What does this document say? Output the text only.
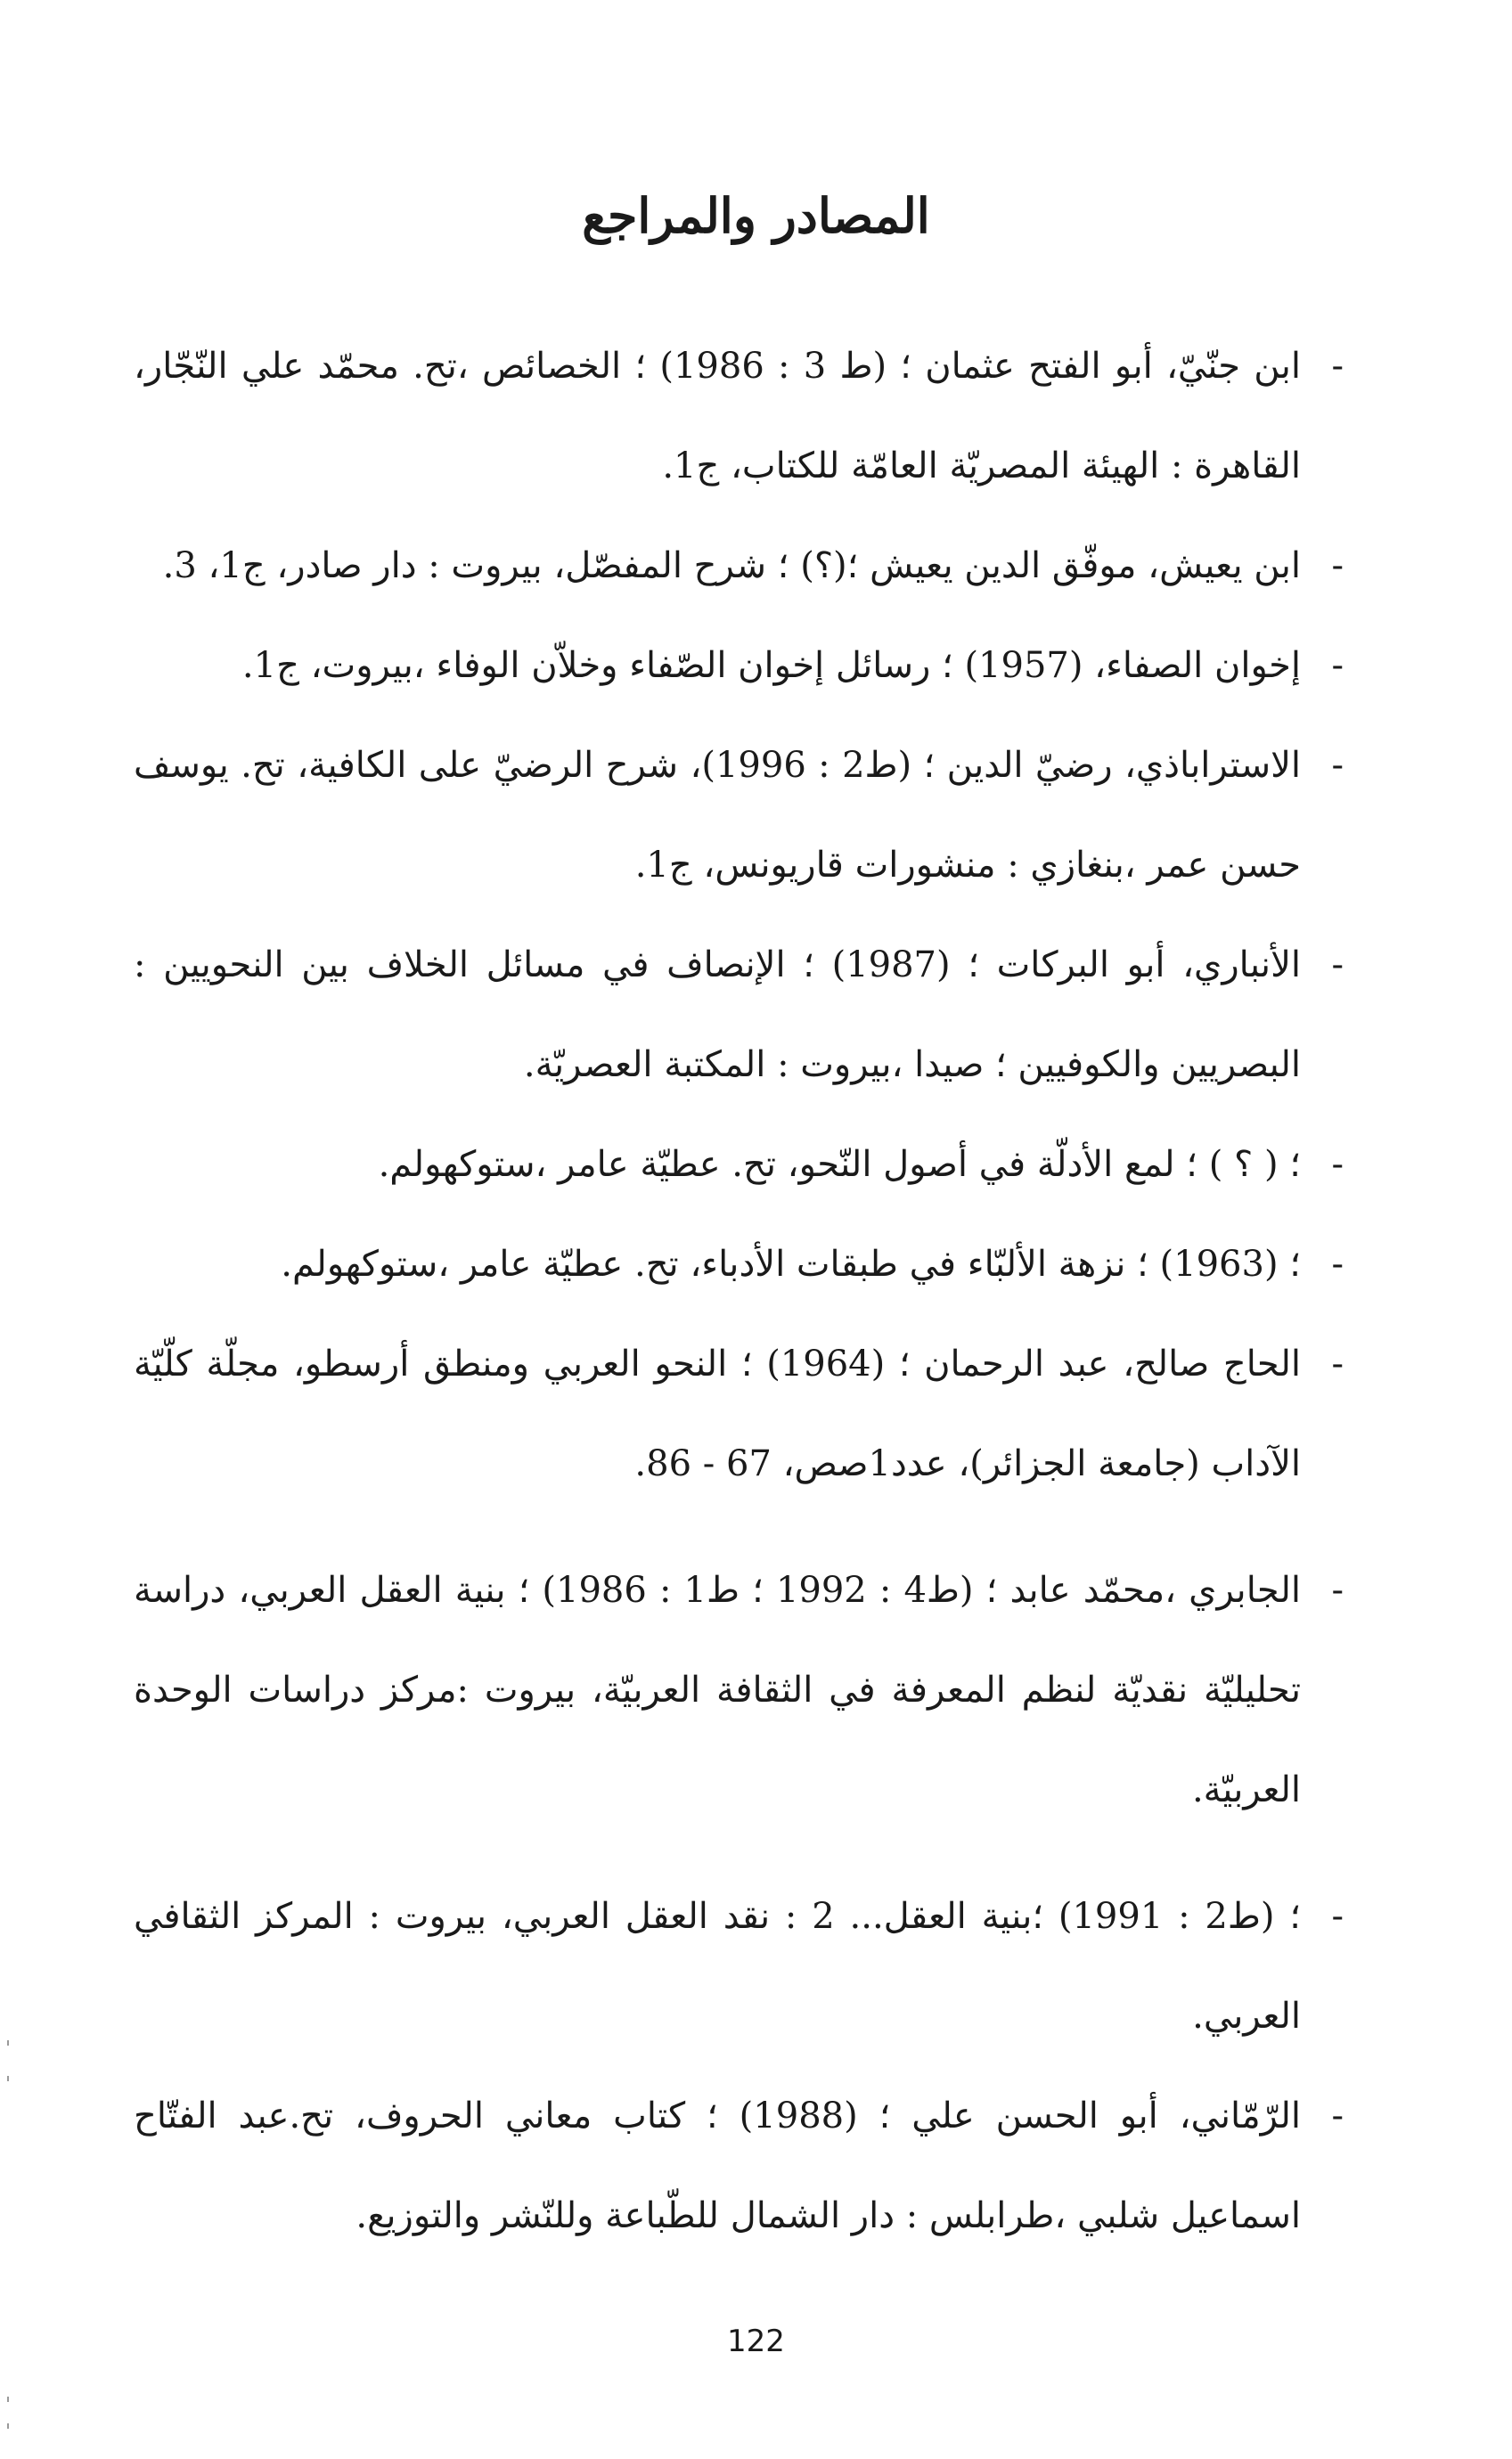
المصادر والمراجع
-
ابن جنّيّ، أبو الفتح عثمان ؛ (ط 3 : 1986) ؛ الخصائص ،تح. محمّد علي النّجّار، القاهرة : الهيئة المصريّة العامّة للكتاب، ج1.
-
ابن يعيش، موفّق الدين يعيش ؛(؟) ؛ شرح المفصّل، بيروت : دار صادر، ج1، 3.
-
إخوان الصفاء، (1957) ؛ رسائل إخوان الصّفاء وخلاّن الوفاء ،بيروت، ج1.
-
الاستراباذي، رضيّ الدين ؛ (ط2 : 1996)، شرح الرضيّ على الكافية، تح. يوسف حسن عمر ،بنغازي : منشورات قاريونس، ج1.
-
الأنباري، أبو البركات ؛ (1987) ؛ الإنصاف في مسائل الخلاف بين النحويين : البصريين والكوفيين ؛ صيدا ،بيروت : المكتبة العصريّة.
-
؛ ( ؟ ) ؛ لمع الأدلّة في أصول النّحو، تح. عطيّة عامر ،ستوكهولم.
-
؛ (1963) ؛ نزهة الألبّاء في طبقات الأدباء، تح. عطيّة عامر ،ستوكهولم.
-
الحاج صالح، عبد الرحمان ؛ (1964) ؛ النحو العربي ومنطق أرسطو، مجلّة كلّيّة الآداب (جامعة الجزائر)، عدد1صص، 67 - 86.
-
الجابري ،محمّد عابد ؛ (ط4 : 1992 ؛ ط1 : 1986) ؛ بنية العقل العربي، دراسة تحليليّة نقديّة لنظم المعرفة في الثقافة العربيّة، بيروت :مركز دراسات الوحدة العربيّة.
-
؛ (ط2 : 1991) ؛بنية العقل... 2 : نقد العقل العربي، بيروت : المركز الثقافي العربي.
-
الرّمّاني، أبو الحسن علي ؛ (1988) ؛ كتاب معاني الحروف، تح.عبد الفتّاح اسماعيل شلبي ،طرابلس : دار الشمال للطّباعة وللنّشر والتوزيع.
122
